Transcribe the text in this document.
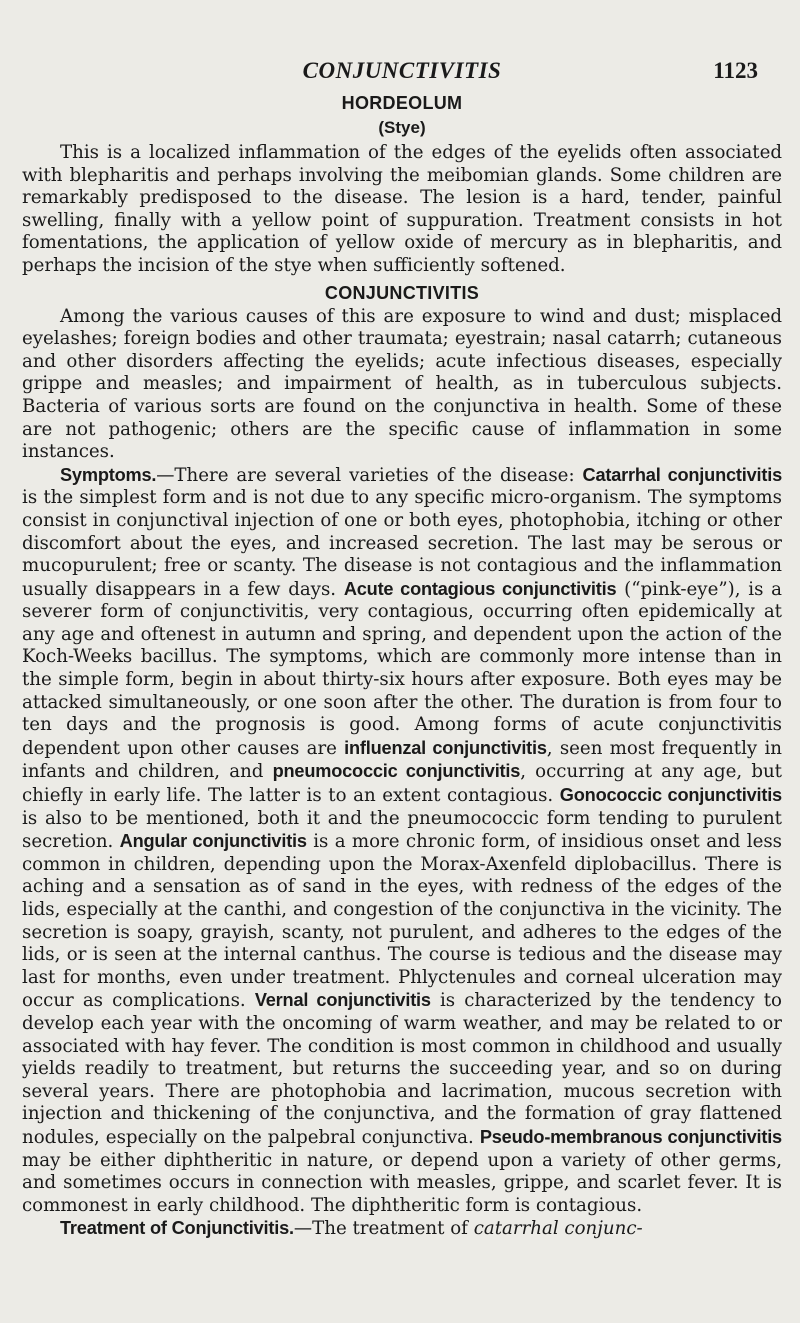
CONJUNCTIVITIS	1123
HORDEOLUM
(Stye)

This is a localized inflammation of the edges of the eyelids often associated with blepharitis and perhaps involving the meibomian glands. Some children are remarkably predisposed to the disease. The lesion is a hard, tender, painful swelling, finally with a yellow point of suppuration. Treatment consists in hot fomentations, the application of yellow oxide of mercury as in blepharitis, and perhaps the incision of the stye when sufficiently softened.

CONJUNCTIVITIS

Among the various causes of this are exposure to wind and dust; misplaced eyelashes; foreign bodies and other traumata; eyestrain; nasal catarrh; cutaneous and other disorders affecting the eyelids; acute infectious diseases, especially grippe and measles; and impairment of health, as in tuberculous subjects. Bacteria of various sorts are found on the conjunctiva in health. Some of these are not pathogenic; others are the specific cause of inflammation in some instances.

Symptoms.—There are several varieties of the disease: Catarrhal conjunctivitis is the simplest form and is not due to any specific micro-organism. The symptoms consist in conjunctival injection of one or both eyes, photophobia, itching or other discomfort about the eyes, and increased secretion. The last may be serous or mucopurulent; free or scanty. The disease is not contagious and the inflammation usually disappears in a few days. Acute contagious conjunctivitis (“pink-eye”), is a severer form of conjunctivitis, very contagious, occurring often epidemically at any age and oftenest in autumn and spring, and dependent upon the action of the Koch-Weeks bacillus. The symptoms, which are commonly more intense than in the simple form, begin in about thirty-six hours after exposure. Both eyes may be attacked simultaneously, or one soon after the other. The duration is from four to ten days and the prognosis is good. Among forms of acute conjunctivitis dependent upon other causes are influenzal conjunctivitis, seen most frequently in infants and children, and pneumococcic conjunctivitis, occurring at any age, but chiefly in early life. The latter is to an extent contagious. Gonococcic conjunctivitis is also to be mentioned, both it and the pneumococcic form tending to purulent secretion. Angular conjunctivitis is a more chronic form, of insidious onset and less common in children, depending upon the Morax-Axenfeld diplobacillus. There is aching and a sensation as of sand in the eyes, with redness of the edges of the lids, especially at the canthi, and congestion of the conjunctiva in the vicinity. The secretion is soapy, grayish, scanty, not purulent, and adheres to the edges of the lids, or is seen at the internal canthus. The course is tedious and the disease may last for months, even under treatment. Phlyctenules and corneal ulceration may occur as complications. Vernal conjunctivitis is characterized by the tendency to develop each year with the oncoming of warm weather, and may be related to or associated with hay fever. The condition is most common in childhood and usually yields readily to treatment, but returns the succeeding year, and so on during several years. There are photophobia and lacrimation, mucous secretion with injection and thickening of the conjunctiva, and the formation of gray flattened nodules, especially on the palpebral conjunctiva. Pseudo-membranous conjunctivitis may be either diphtheritic in nature, or depend upon a variety of other germs, and sometimes occurs in connection with measles, grippe, and scarlet fever. It is commonest in early childhood. The diphtheritic form is contagious.

Treatment of Conjunctivitis.—The treatment of catarrhal conjunc-
